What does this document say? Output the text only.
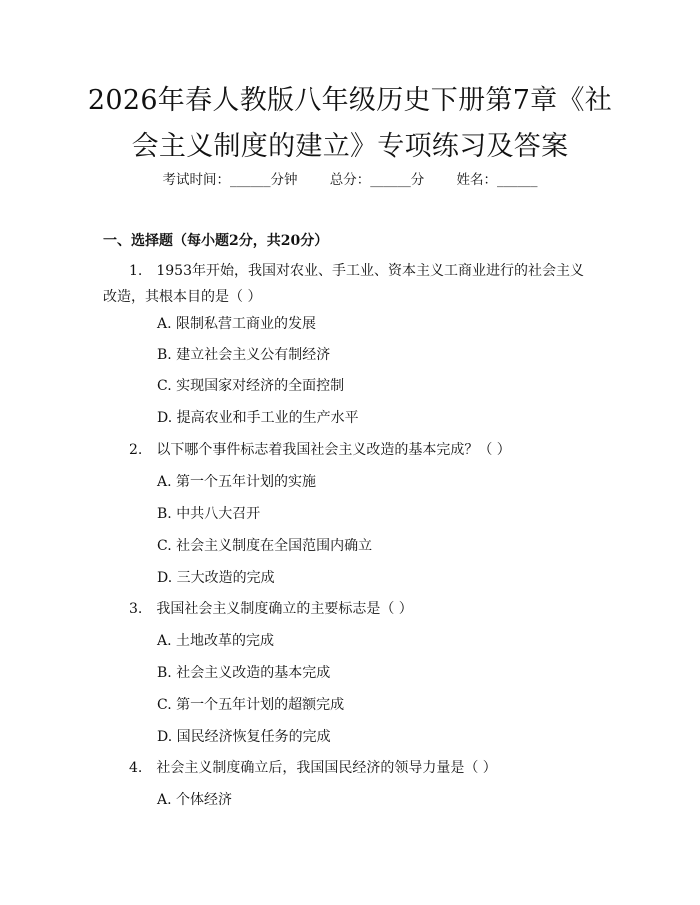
2026年春人教版八年级历史下册第7章《社
会主义制度的建立》专项练习及答案
考试时间：______分钟 总分：______分 姓名：______
一、选择题（每小题2分，共20分）
1.　1953年开始，我国对农业、手工业、资本主义工商业进行的社会主义改造，其根本目的是（ ）
A. 限制私营工商业的发展
B. 建立社会主义公有制经济
C. 实现国家对经济的全面控制
D. 提高农业和手工业的生产水平
2.　以下哪个事件标志着我国社会主义改造的基本完成？（ ）
A. 第一个五年计划的实施
B. 中共八大召开
C. 社会主义制度在全国范围内确立
D. 三大改造的完成
3.　我国社会主义制度确立的主要标志是（ ）
A. 土地改革的完成
B. 社会主义改造的基本完成
C. 第一个五年计划的超额完成
D. 国民经济恢复任务的完成
4.　社会主义制度确立后，我国国民经济的领导力量是（ ）
A. 个体经济
